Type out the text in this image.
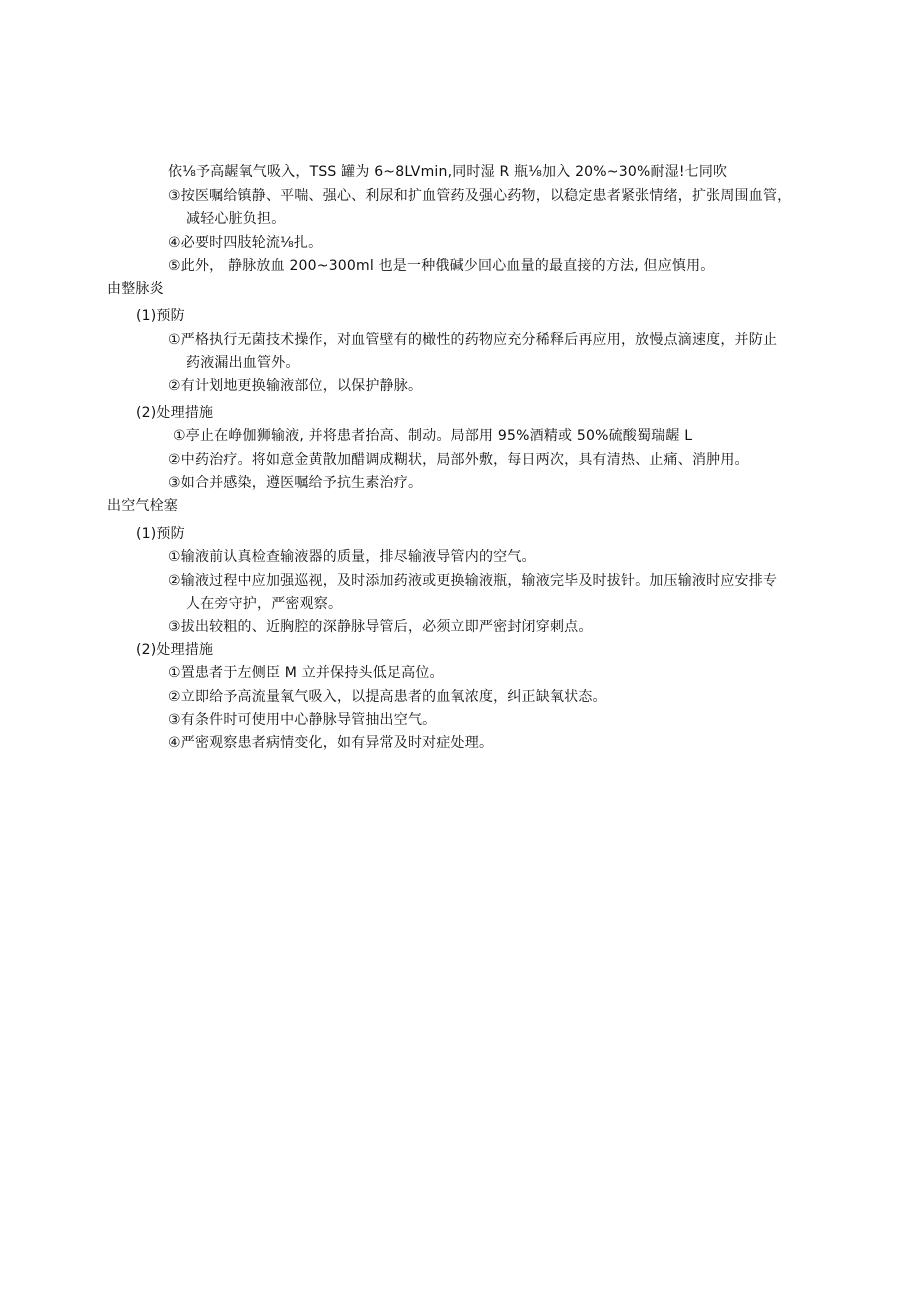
依⅛予高龌氧气吸入，TSS 罐为 6~8LVmin,同时湿 R 瓶⅛加入 20%~30%耐湿!七同吹
③按医嘱给镇静、平喘、强心、利尿和扩血管药及强心药物，以稳定患者紧张情绪，扩张周围血管，
减轻心脏负担。
④必要时四肢轮流⅛扎。
⑤此外， 静脉放血 200~300ml 也是一种俄碱少回心血量的最直接的方法, 但应慎用。
由整脉炎
(1)预防
①严格执行无菌技术操作，对血管壁有的橄性的药物应充分稀释后再应用，放慢点滴速度，并防止
药液漏出血管外。
②有计划地更换输液部位，以保护静脉。
(2)处理措施
①亭止在峥伽狮输液, 并将患者抬高、制动。局部用 95%酒精或 50%硫酸蜀瑞龌 L
②中药治疗。将如意金黄散加醋调成糊状，局部外敷，每日两次，具有清热、止痛、消肿用。
③如合并感染，遵医嘱给予抗生素治疗。
出空气栓塞
(1)预防
①输液前认真检查输液器的质量，排尽输液导管内的空气。
②输液过程中应加强巡视，及时添加药液或更换输液瓶，输液完毕及时拔针。加压输液时应安排专
人在旁守护，严密观察。
③拔出较粗的、近胸腔的深静脉导管后，必须立即严密封闭穿刺点。
(2)处理措施
①置患者于左侧臣 M 立并保持头低足高位。
②立即给予高流量氧气吸入，以提高患者的血氧浓度，纠正缺氧状态。
③有条件时可使用中心静脉导管抽出空气。
④严密观察患者病情变化，如有异常及时对症处理。
